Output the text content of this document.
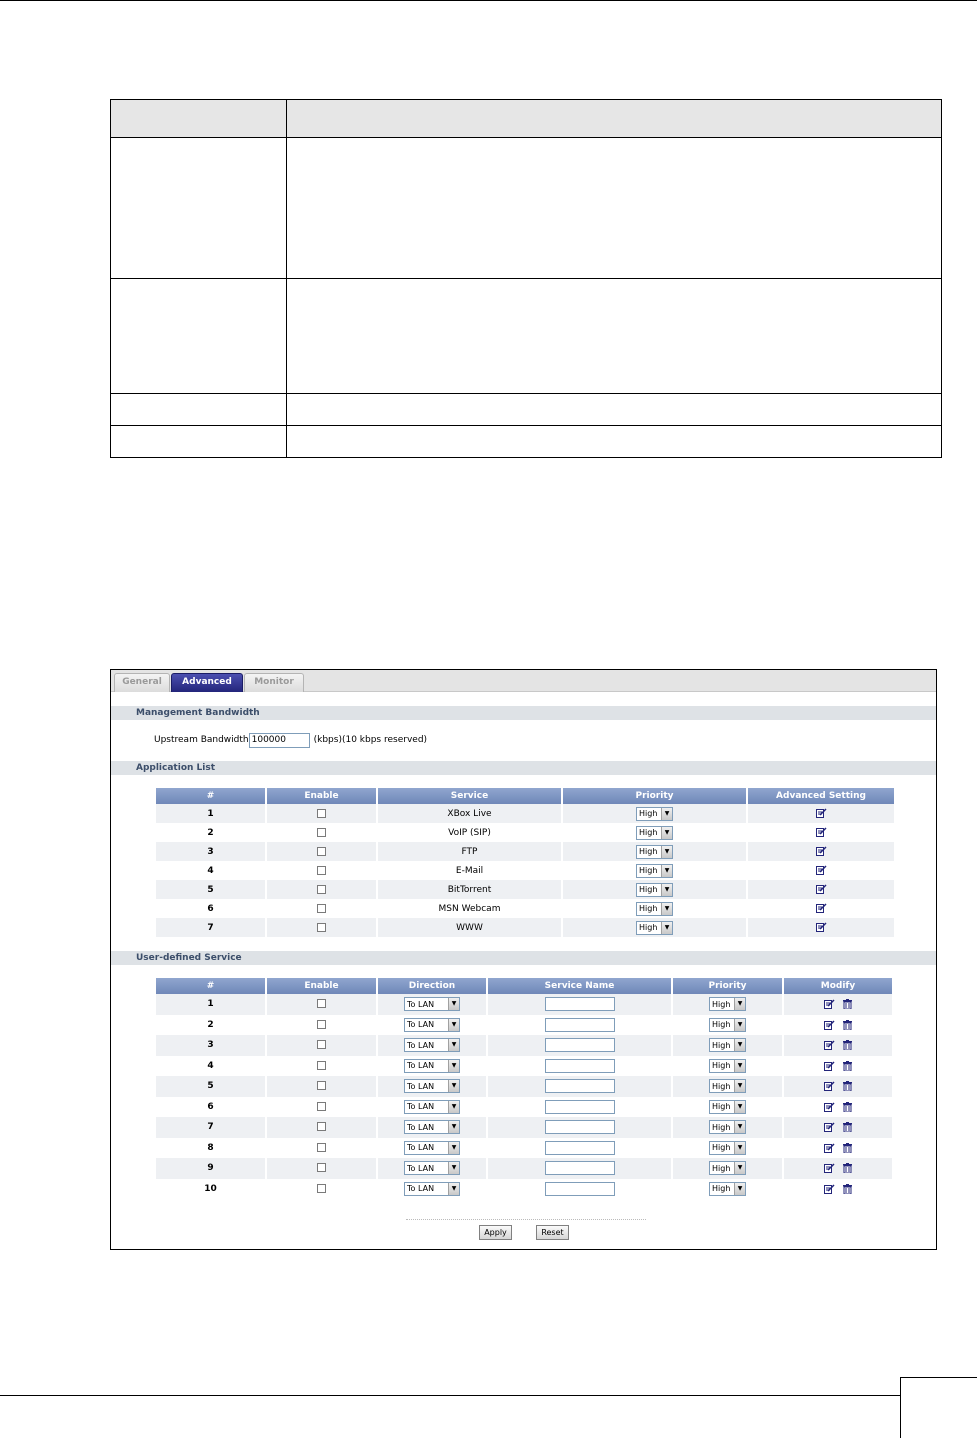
General	Advanced	Monitor
Management Bandwidth
Upstream Bandwidth
100000	(kbps)(10 kbps reserved)
Application List
#	Enable	Service	Priority	Advanced Setting
1		XBox Live	High ▼

2		VoIP (SIP)	High ▼

3		FTP	High ▼

4		E-Mail	High ▼

5		BitTorrent	High ▼

6		MSN Webcam	High ▼

7		WWW	High ▼

User-defined Service
#	Enable	Direction	Service Name	Priority	Modify
1		To LAN ▼		High ▼

2		To LAN ▼		High ▼

3		To LAN ▼		High ▼

4		To LAN ▼		High ▼

5		To LAN ▼		High ▼

6		To LAN ▼		High ▼

7		To LAN ▼		High ▼

8		To LAN ▼		High ▼

9		To LAN ▼		High ▼

10		To LAN ▼		High ▼

Apply	Reset
